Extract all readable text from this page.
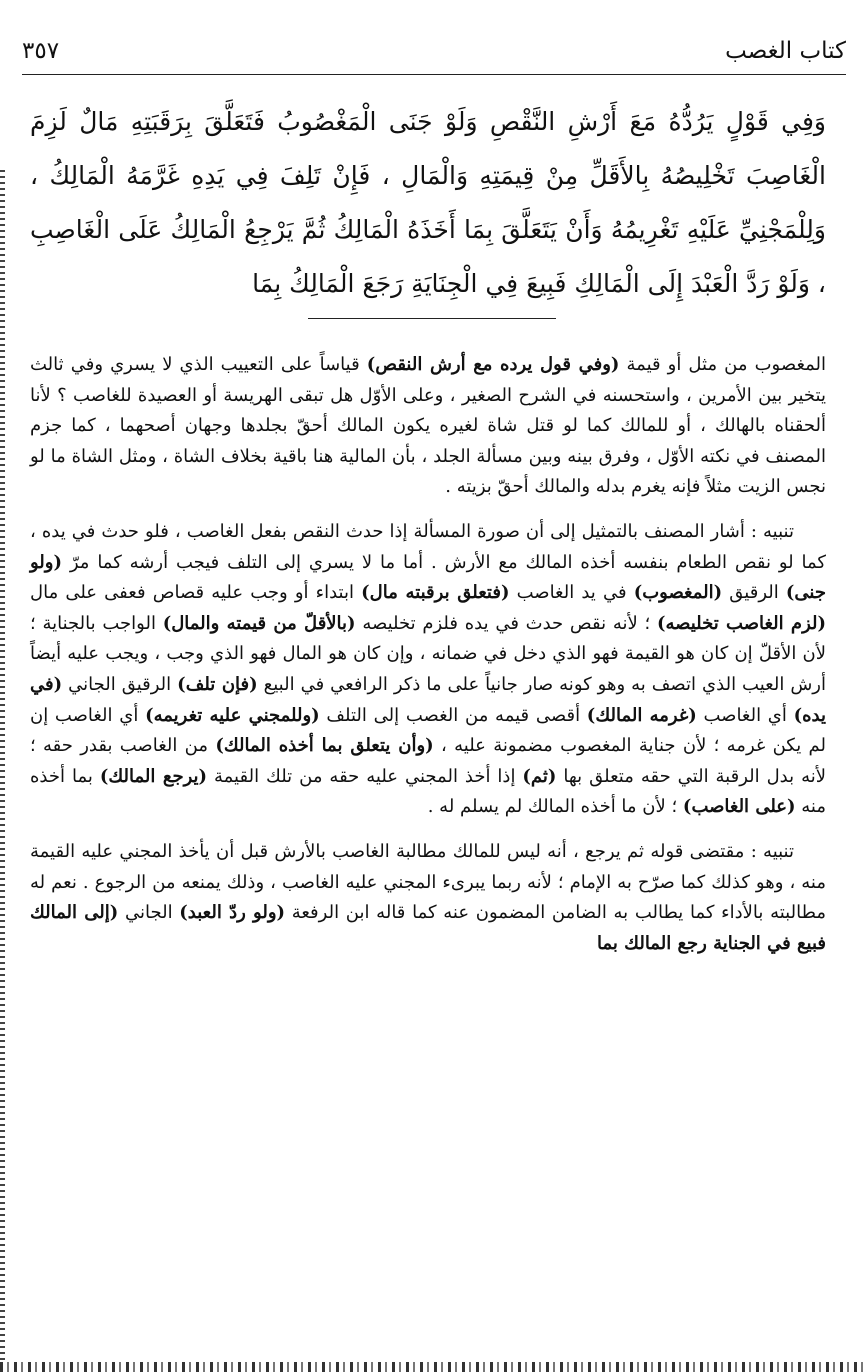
كتاب الغصب
٣٥٧
وَفِي قَوْلٍ يَرُدُّهُ مَعَ أَرْشِ النَّقْصِ وَلَوْ جَنَى الْمَغْصُوبُ فَتَعَلَّقَ بِرَقَبَتِهِ مَالٌ لَزِمَ الْغَاصِبَ تَخْلِيصُهُ بِالأَقَلِّ مِنْ قِيمَتِهِ وَالْمَالِ ، فَإِنْ تَلِفَ فِي يَدِهِ غَرَّمَهُ الْمَالِكُ ، وَلِلْمَجْنِيِّ عَلَيْهِ تَغْرِيمُهُ وَأَنْ يَتَعَلَّقَ بِمَا أَخَذَهُ الْمَالِكُ ثُمَّ يَرْجِعُ الْمَالِكُ عَلَى الْغَاصِبِ ، وَلَوْ رَدَّ الْعَبْدَ إِلَى الْمَالِكِ فَبِيعَ فِي الْجِنَايَةِ رَجَعَ الْمَالِكُ بِمَا

المغصوب من مثل أو قيمة (وفي قول يرده مع أرش النقص) قياساً على التعييب الذي لا يسري وفي ثالث يتخير بين الأمرين ، واستحسنه في الشرح الصغير ، وعلى الأوّل هل تبقى الهريسة أو العصيدة للغاصب ؟ لأنا ألحقناه بالهالك ، أو للمالك كما لو قتل شاة لغيره يكون المالك أحقّ بجلدها وجهان أصحهما ، كما جزم المصنف في نكته الأوّل ، وفرق بينه وبين مسألة الجلد ، بأن المالية هنا باقية بخلاف الشاة ، ومثل الشاة ما لو نجس الزيت مثلاً فإنه يغرم بدله والمالك أحقّ بزيته .

تنبيه : أشار المصنف بالتمثيل إلى أن صورة المسألة إذا حدث النقص بفعل الغاصب ، فلو حدث في يده ، كما لو نقص الطعام بنفسه أخذه المالك مع الأرش . أما ما لا يسري إلى التلف فيجب أرشه كما مرّ (ولو جنى) الرقيق (المغصوب) في يد الغاصب (فتعلق برقبته مال) ابتداء أو وجب عليه قصاص فعفى على مال (لزم الغاصب تخليصه) ؛ لأنه نقص حدث في يده فلزم تخليصه (بالأقلّ من قيمته والمال) الواجب بالجناية ؛ لأن الأقلّ إن كان هو القيمة فهو الذي دخل في ضمانه ، وإن كان هو المال فهو الذي وجب ، ويجب عليه أيضاً أرش العيب الذي اتصف به وهو كونه صار جانياً على ما ذكر الرافعي في البيع (فإن تلف) الرقيق الجاني (في يده) أي الغاصب (غرمه المالك) أقصى قيمه من الغصب إلى التلف (وللمجني عليه تغريمه) أي الغاصب إن لم يكن غرمه ؛ لأن جناية المغصوب مضمونة عليه ، (وأن يتعلق بما أخذه المالك) من الغاصب بقدر حقه ؛ لأنه بدل الرقبة التي حقه متعلق بها (ثم) إذا أخذ المجني عليه حقه من تلك القيمة (يرجع المالك) بما أخذه منه (على الغاصب) ؛ لأن ما أخذه المالك لم يسلم له .

تنبيه : مقتضى قوله ثم يرجع ، أنه ليس للمالك مطالبة الغاصب بالأرش قبل أن يأخذ المجني عليه القيمة منه ، وهو كذلك كما صرّح به الإمام ؛ لأنه ربما يبرىء المجني عليه الغاصب ، وذلك يمنعه من الرجوع . نعم له مطالبته بالأداء كما يطالب به الضامن المضمون عنه كما قاله ابن الرفعة (ولو ردّ العبد) الجاني (إلى المالك فبيع في الجناية رجع المالك بما
